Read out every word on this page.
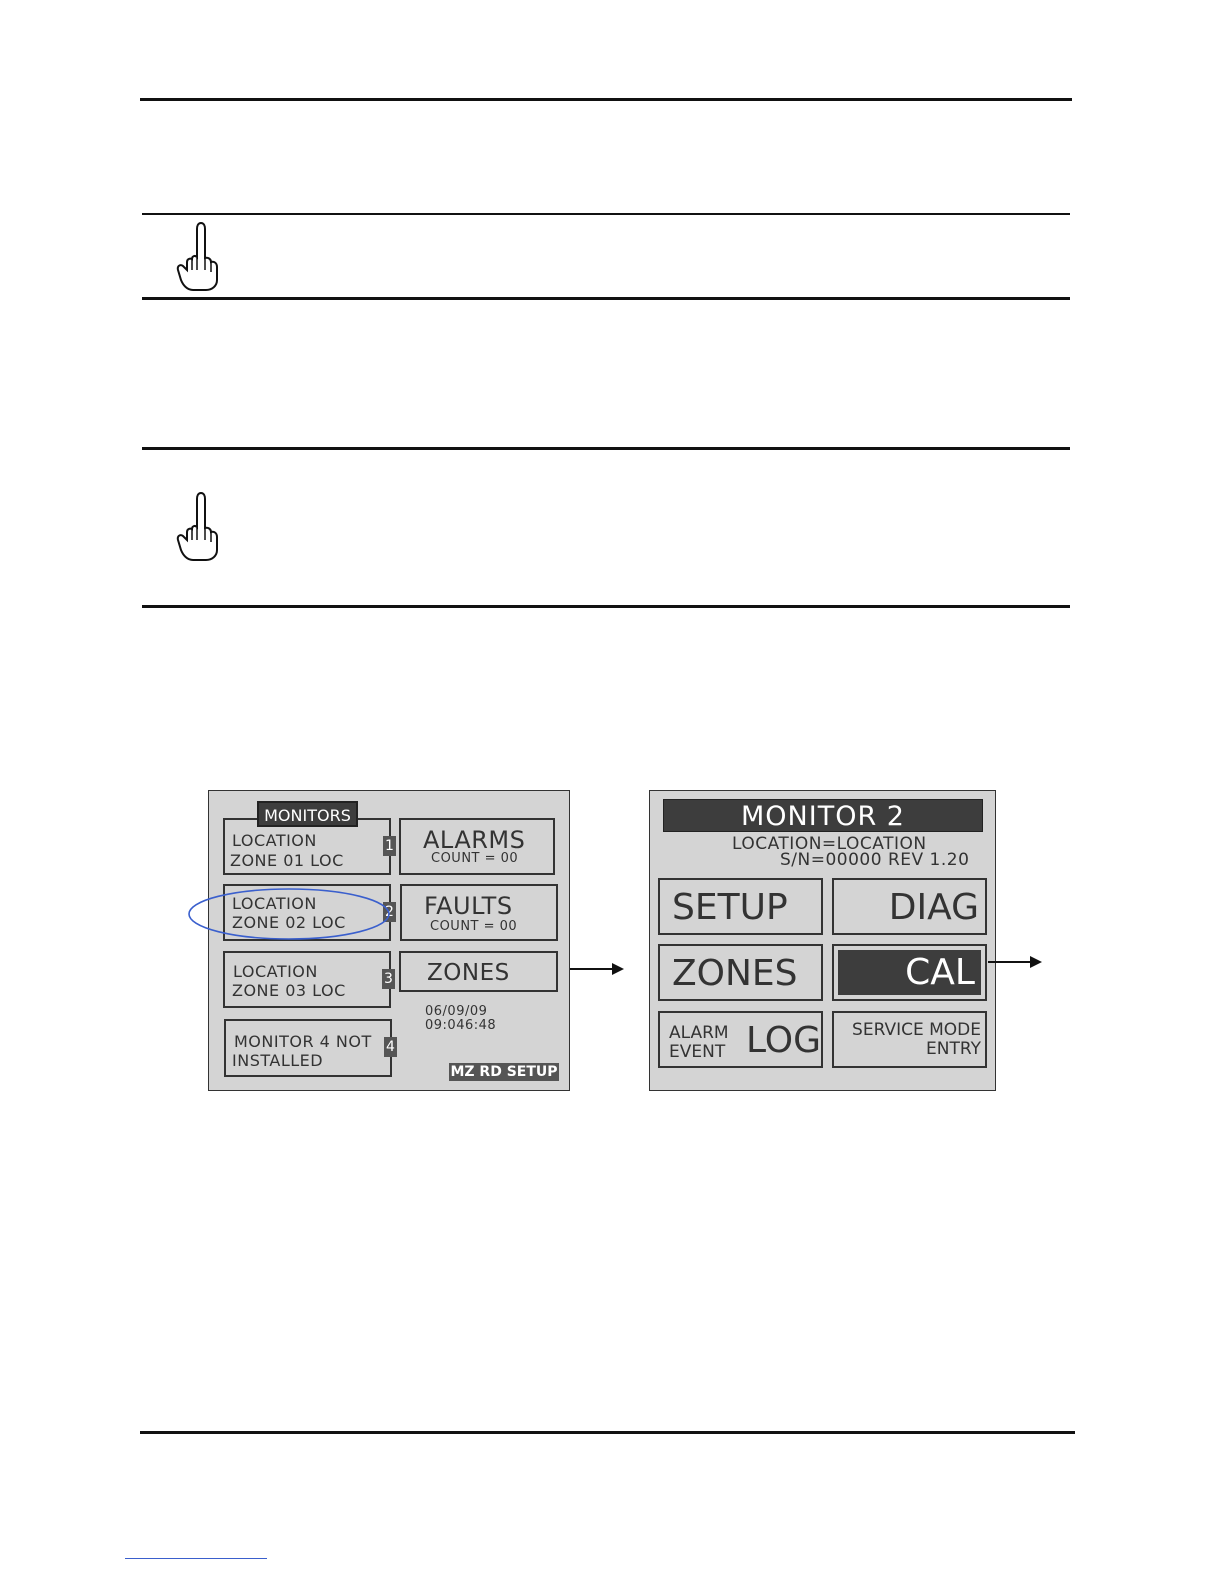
LOCATION
ZONE 01 LOC
1
MONITORS
LOCATION
ZONE 02 LOC
2
LOCATION
ZONE 03 LOC
3
MONITOR 4 NOT
INSTALLED
4
ALARMS
COUNT = 00
FAULTS
COUNT = 00
ZONES
06/09/09
09:046:48
MZ RD SETUP
MONITOR 2
LOCATION=LOCATION
S/N=00000 REV 1.20
SETUP	DIAG
ZONES	CAL
ALARM
EVENT LOG SERVICE MODE
ENTRY
